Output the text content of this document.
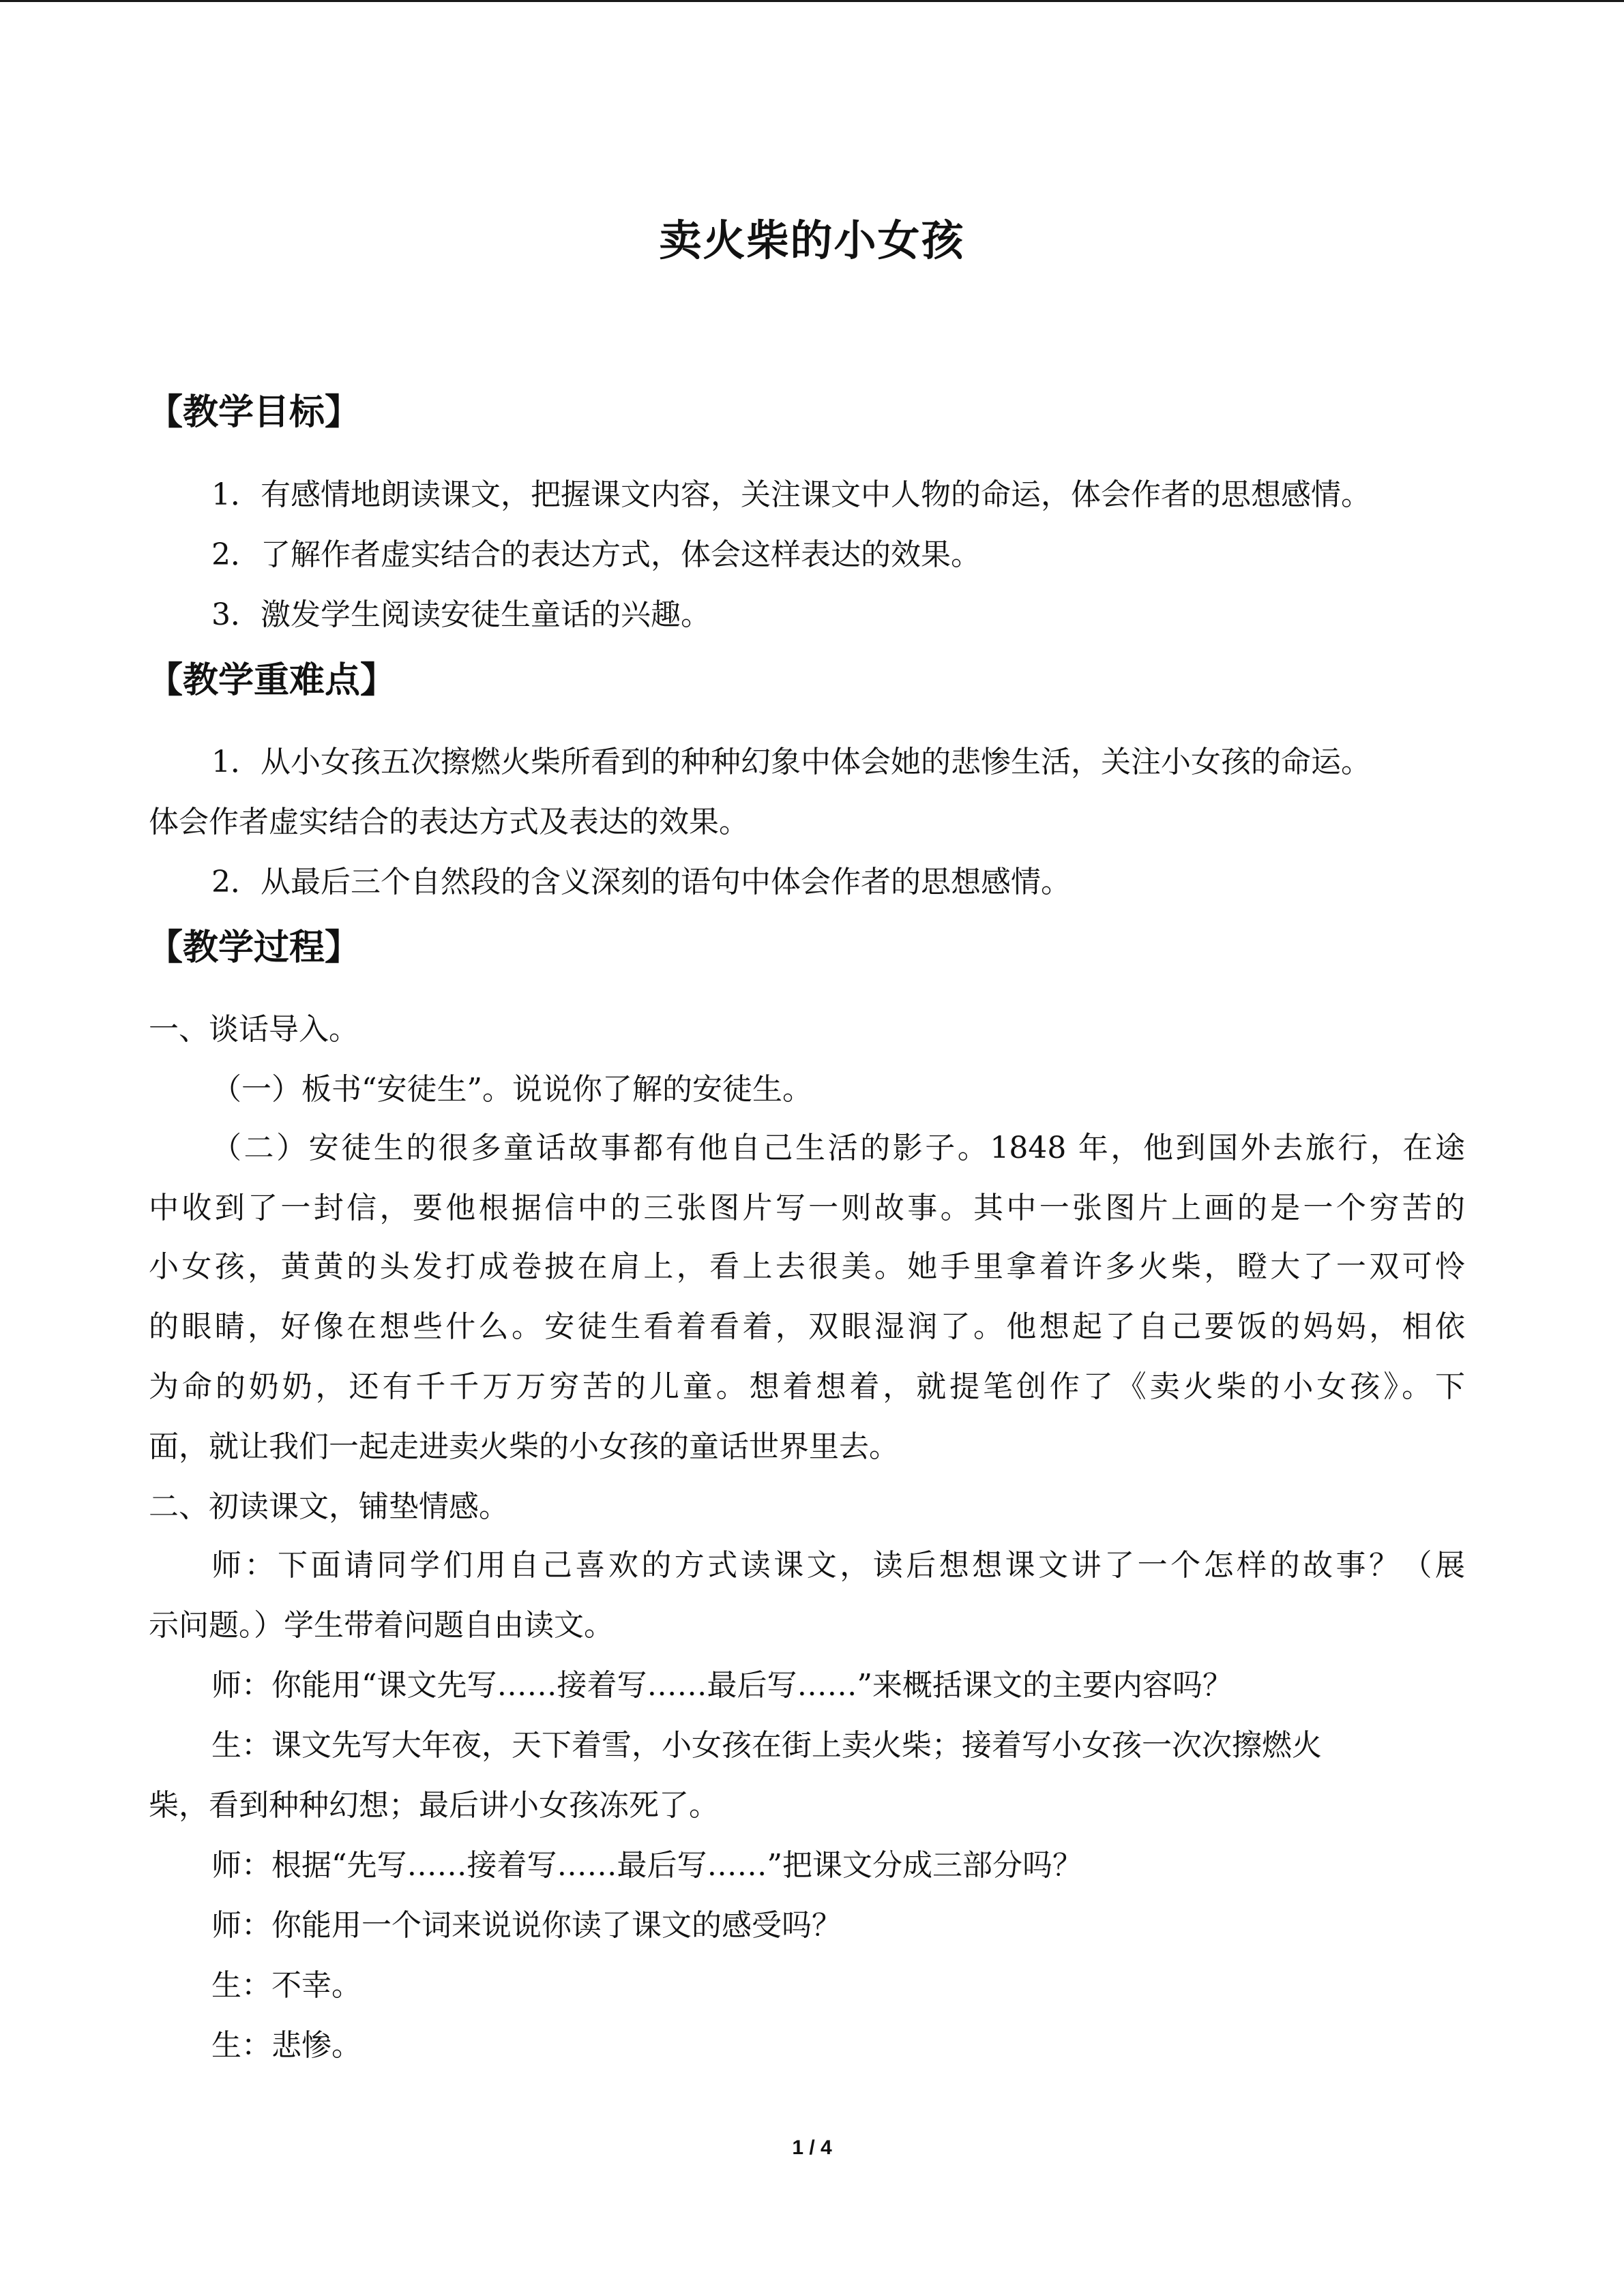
卖火柴的小女孩
【教学目标】
1．有感情地朗读课文，把握课文内容，关注课文中人物的命运，体会作者的思想感情。
2．了解作者虚实结合的表达方式，体会这样表达的效果。
3．激发学生阅读安徒生童话的兴趣。
【教学重难点】
1．从小女孩五次擦燃火柴所看到的种种幻象中体会她的悲惨生活，关注小女孩的命运。
体会作者虚实结合的表达方式及表达的效果。
2．从最后三个自然段的含义深刻的语句中体会作者的思想感情。
【教学过程】
一、谈话导入。
（一）板书“安徒生”。说说你了解的安徒生。
（二）安徒生的很多童话故事都有他自己生活的影子。1848 年，他到国外去旅行，在途
中收到了一封信，要他根据信中的三张图片写一则故事。其中一张图片上画的是一个穷苦的
小女孩，黄黄的头发打成卷披在肩上，看上去很美。她手里拿着许多火柴，瞪大了一双可怜
的眼睛，好像在想些什么。安徒生看着看着，双眼湿润了。他想起了自己要饭的妈妈，相依
为命的奶奶，还有千千万万穷苦的儿童。想着想着，就提笔创作了《卖火柴的小女孩》。下
面，就让我们一起走进卖火柴的小女孩的童话世界里去。
二、初读课文，铺垫情感。
师：下面请同学们用自己喜欢的方式读课文，读后想想课文讲了一个怎样的故事？（展
示问题。）学生带着问题自由读文。
师：你能用“课文先写……接着写……最后写……”来概括课文的主要内容吗？
生：课文先写大年夜，天下着雪，小女孩在街上卖火柴；接着写小女孩一次次擦燃火
柴，看到种种幻想；最后讲小女孩冻死了。
师：根据“先写……接着写……最后写……”把课文分成三部分吗？
师：你能用一个词来说说你读了课文的感受吗？
生：不幸。
生：悲惨。
1 / 4
